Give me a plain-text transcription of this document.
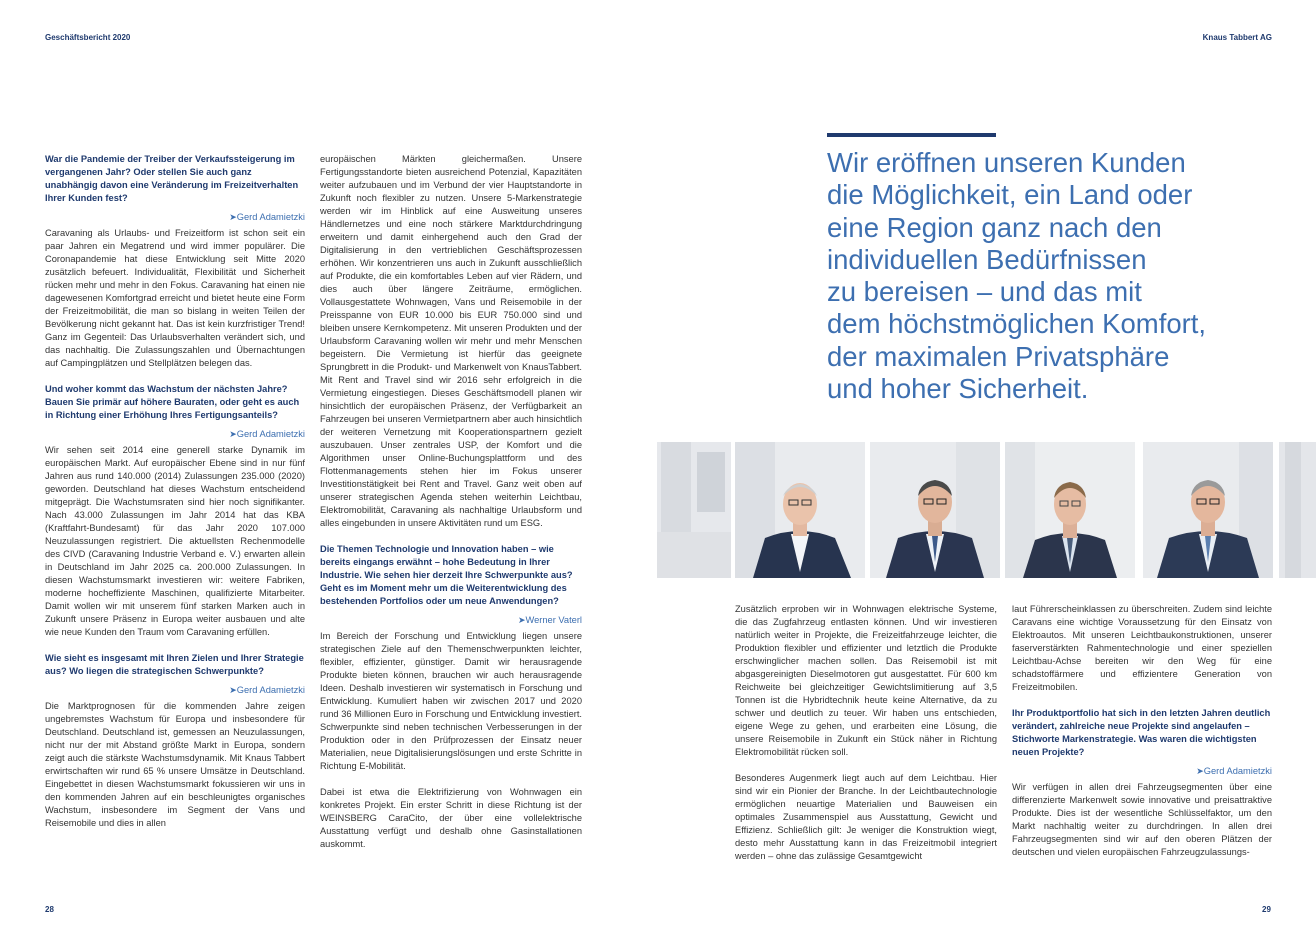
Geschäftsbericht 2020	Knaus Tabbert AG
War die Pandemie der Treiber der Verkaufssteigerung im vergangenen Jahr? Oder stellen Sie auch ganz unabhängig davon eine Veränderung im Freizeitverhalten Ihrer Kunden fest?
➤ Gerd Adamietzki
Caravaning als Urlaubs- und Freizeitform ist schon seit ein paar Jahren ein Megatrend und wird immer populärer. Die Coronapandemie hat diese Entwicklung seit Mitte 2020 zusätzlich befeuert. Individualität, Flexibilität und Sicherheit rücken mehr und mehr in den Fokus. Caravaning hat einen nie dagewesenen Komfortgrad erreicht und bietet heute eine Form der Freizeitmobilität, die man so bislang in weiten Teilen der Bevölkerung nicht gekannt hat. Das ist kein kurzfristiger Trend! Ganz im Gegenteil: Das Urlaubsverhalten verändert sich, und das nachhaltig. Die Zulassungszahlen und Übernachtungen auf Campingplätzen und Stellplätzen belegen das.
Und woher kommt das Wachstum der nächsten Jahre? Bauen Sie primär auf höhere Bauraten, oder geht es auch in Richtung einer Erhöhung Ihres Fertigungsanteils?
➤ Gerd Adamietzki
Wir sehen seit 2014 eine generell starke Dynamik im europäischen Markt. Auf europäischer Ebene sind in nur fünf Jahren aus rund 140.000 (2014) Zulassungen 235.000 (2020) geworden. Deutschland hat dieses Wachstum entscheidend mitgeprägt. Die Wachstumsraten sind hier noch signifikanter. Nach 43.000 Zulassungen im Jahr 2014 hat das KBA (Kraftfahrt-Bundesamt) für das Jahr 2020 107.000 Neuzulassungen registriert. Die aktuellsten Rechenmodelle des CIVD (Caravaning Industrie Verband e. V.) erwarten allein in Deutschland im Jahr 2025 ca. 200.000 Zulassungen. In diesen Wachstumsmarkt investieren wir: weitere Fabriken, moderne hocheffiziente Maschinen, qualifizierte Mitarbeiter. Damit wollen wir mit unserem fünf starken Marken auch in Zukunft unsere Präsenz in Europa weiter ausbauen und alte wie neue Kunden den Traum vom Caravaning erfüllen.
Wie sieht es insgesamt mit Ihren Zielen und Ihrer Strategie aus? Wo liegen die strategischen Schwerpunkte?
➤ Gerd Adamietzki
Die Marktprognosen für die kommenden Jahre zeigen ungebremstes Wachstum für Europa und insbesondere für Deutschland. Deutschland ist, gemessen an Neuzulassungen, nicht nur der mit Abstand größte Markt in Europa, sondern zeigt auch die stärkste Wachstumsdynamik. Mit Knaus Tabbert erwirtschaften wir rund 65 % unsere Umsätze in Deutschland. Eingebettet in diesen Wachstumsmarkt fokussieren wir uns in den kommenden Jahren auf ein beschleunigtes organisches Wachstum, insbesondere im Segment der Vans und Reisemobile und dies in allen
europäischen Märkten gleichermaßen. Unsere Fertigungsstandorte bieten ausreichend Potenzial, Kapazitäten weiter aufzubauen und im Verbund der vier Hauptstandorte in Zukunft noch flexibler zu nutzen. Unsere 5-Markenstrategie werden wir im Hinblick auf eine Ausweitung unseres Händlernetzes und eine noch stärkere Marktdurchdringung erweitern und damit einhergehend auch den Grad der Digitalisierung in den vertrieblichen Geschäftsprozessen erhöhen. Wir konzentrieren uns auch in Zukunft ausschließlich auf Produkte, die ein komfortables Leben auf vier Rädern, und dies auch über längere Zeiträume, ermöglichen. Vollausgestattete Wohnwagen, Vans und Reisemobile in der Preisspanne von EUR 10.000 bis EUR 750.000 sind und bleiben unsere Kernkompetenz. Mit unseren Produkten und der Urlaubsform Caravaning wollen wir mehr und mehr Menschen begeistern. Die Vermietung ist hierfür das geeignete Sprungbrett in die Produkt- und Markenwelt von KnausTabbert. Mit Rent and Travel sind wir 2016 sehr erfolgreich in die Vermietung eingestiegen. Dieses Geschäftsmodell planen wir hinsichtlich der europäischen Präsenz, der Verfügbarkeit an Fahrzeugen bei unseren Vermietpartnern aber auch hinsichtlich der weiteren Vernetzung mit Kooperationspartnern gezielt auszubauen. Unser zentrales USP, der Komfort und die Algorithmen unser Online-Buchungsplattform und des Flottenmanagements stehen hier im Fokus unserer Investitionstätigkeit bei Rent and Travel. Ganz weit oben auf unserer strategischen Agenda stehen weiterhin Leichtbau, Elektromobilität, Caravaning als nachhaltige Urlaubsform und alles eingebunden in unsere Aktivitäten rund um ESG.
Die Themen Technologie und Innovation haben – wie bereits eingangs erwähnt – hohe Bedeutung in Ihrer Industrie. Wie sehen hier derzeit Ihre Schwerpunkte aus? Geht es im Moment mehr um die Weiterentwicklung des bestehenden Portfolios oder um neue Anwendungen?
➤ Werner Vaterl
Im Bereich der Forschung und Entwicklung liegen unsere strategischen Ziele auf den Themenschwerpunkten leichter, flexibler, effizienter, günstiger. Damit wir herausragende Produkte bieten können, brauchen wir auch herausragende Ideen. Deshalb investieren wir systematisch in Forschung und Entwicklung. Kumuliert haben wir zwischen 2017 und 2020 rund 36 Millionen Euro in Forschung und Entwicklung investiert. Schwerpunkte sind neben technischen Verbesserungen in der Produktion oder in den Prüfprozessen der Einsatz neuer Materialien, neue Digitalisierungslösungen und erste Schritte in Richtung E-Mobilität.
Dabei ist etwa die Elektrifizierung von Wohnwagen ein konkretes Projekt. Ein erster Schritt in diese Richtung ist der WEINSBERG CaraCito, der über eine vollelektrische Ausstattung verfügt und deshalb ohne Gasinstallationen auskommt.
Wir eröffnen unseren Kunden
die Möglichkeit, ein Land oder
eine Region ganz nach den
individuellen Bedürfnissen
zu bereisen – und das mit
dem höchstmöglichen Komfort,
der maximalen Privatsphäre
und hoher Sicherheit.
Zusätzlich erproben wir in Wohnwagen elektrische Systeme, die das Zugfahrzeug entlasten können. Und wir investieren natürlich weiter in Projekte, die Freizeitfahrzeuge leichter, die Produktion flexibler und effizienter und letztlich die Produkte erschwinglicher machen sollen. Das Reisemobil ist mit abgasgereinigten Dieselmotoren gut ausgestattet. Für 600 km Reichweite bei gleichzeitiger Gewichtslimitierung auf 3,5 Tonnen ist die Hybridtechnik heute keine Alternative, da zu schwer und deutlich zu teuer. Wir haben uns entschieden, eigene Wege zu gehen, und erarbeiten eine Lösung, die unsere Reisemobile in Zukunft ein Stück näher in Richtung Elektromobilität rücken soll.
Besonderes Augenmerk liegt auch auf dem Leichtbau. Hier sind wir ein Pionier der Branche. In der Leichtbautechnologie ermöglichen neuartige Materialien und Bauweisen ein optimales Zusammenspiel aus Ausstattung, Gewicht und Effizienz. Schließlich gilt: Je weniger die Konstruktion wiegt, desto mehr Ausstattung kann in das Freizeitmobil integriert werden – ohne das zulässige Gesamtgewicht
laut Führerscheinklassen zu überschreiten. Zudem sind leichte Caravans eine wichtige Voraussetzung für den Einsatz von Elektroautos. Mit unseren Leichtbaukonstruktionen, unserer faserverstärkten Rahmentechnologie und einer speziellen Leichtbau-Achse bereiten wir den Weg für eine schadstoffärmere und effizientere Generation von Freizeitmobilen.
Ihr Produktportfolio hat sich in den letzten Jahren deutlich verändert, zahlreiche neue Projekte sind angelaufen – Stichworte Markenstrategie. Was waren die wichtigsten neuen Projekte?
➤ Gerd Adamietzki
Wir verfügen in allen drei Fahrzeugsegmenten über eine differenzierte Markenwelt sowie innovative und preisattraktive Produkte. Dies ist der wesentliche Schlüsselfaktor, um den Markt nachhaltig weiter zu durchdringen. In allen drei Fahrzeugsegmenten sind wir auf den oberen Plätzen der deutschen und vielen europäischen Fahrzeugzulassungs-
28	29
